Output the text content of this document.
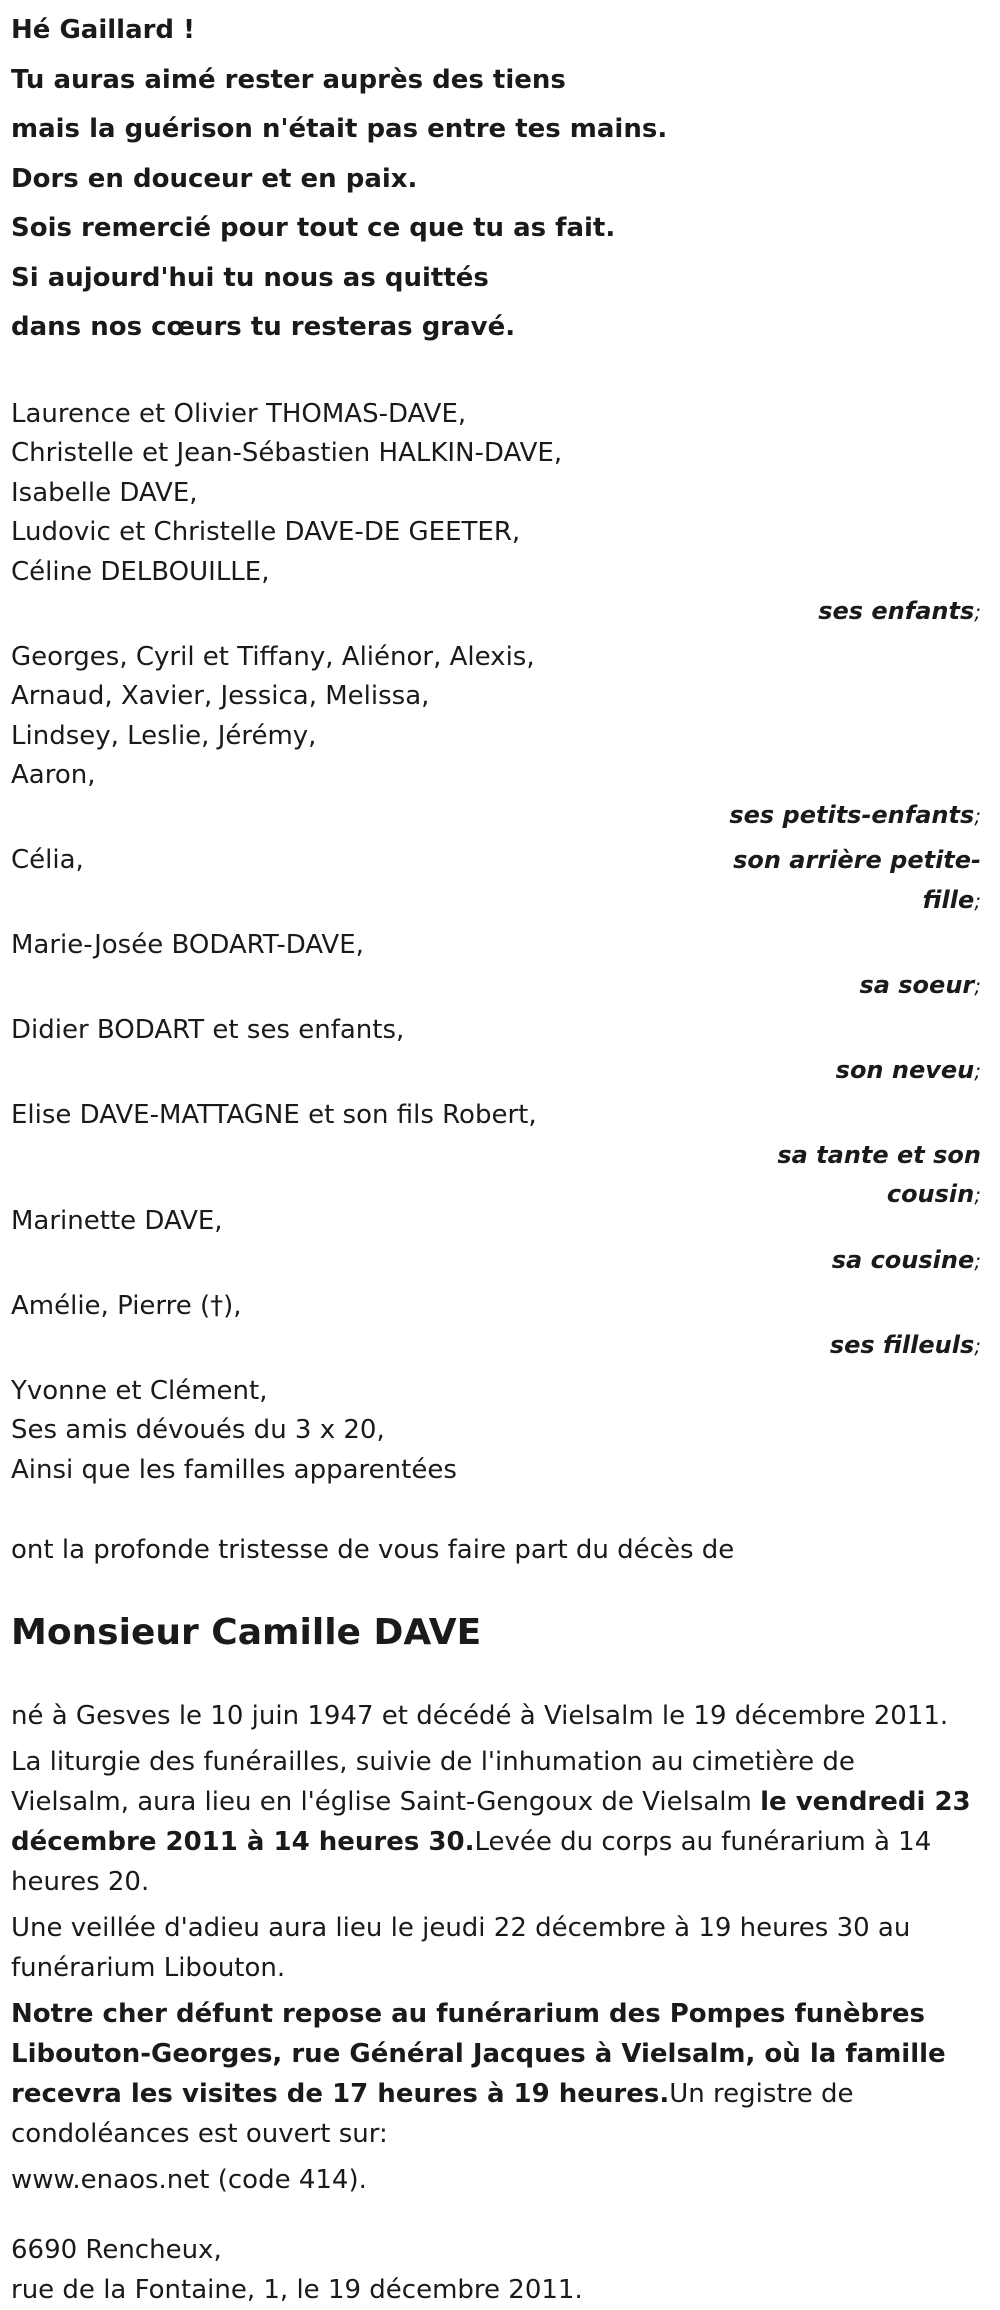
Hé Gaillard !
Tu auras aimé rester auprès des tiens
mais la guérison n'était pas entre tes mains.
Dors en douceur et en paix.
Sois remercié pour tout ce que tu as fait.
Si aujourd'hui tu nous as quittés
dans nos cœurs tu resteras gravé.
Laurence et Olivier THOMAS-DAVE,
Christelle et Jean-Sébastien HALKIN-DAVE,
Isabelle DAVE,
Ludovic et Christelle DAVE-DE GEETER,
Céline DELBOUILLE,
ses enfants;
Georges, Cyril et Tiffany, Aliénor, Alexis,
Arnaud, Xavier, Jessica, Melissa,
Lindsey, Leslie, Jérémy,
Aaron,
ses petits-enfants;
Célia,	son arrière petite-fille;
Marie-Josée BODART-DAVE,
sa soeur;
Didier BODART et ses enfants,
son neveu;
Elise DAVE-MATTAGNE et son fils Robert,
sa tante et son cousin;
Marinette DAVE,
sa cousine;
Amélie, Pierre (†),
ses filleuls;
Yvonne et Clément,
Ses amis dévoués du 3 x 20,
Ainsi que les familles apparentées

ont la profonde tristesse de vous faire part du décès de

Monsieur Camille DAVE

né à Gesves le 10 juin 1947 et décédé à Vielsalm le 19 décembre 2011.

La liturgie des funérailles, suivie de l'inhumation au cimetière de Vielsalm, aura lieu en l'église Saint-Gengoux de Vielsalm le vendredi 23 décembre 2011 à 14 heures 30.Levée du corps au funérarium à 14 heures 20.

Une veillée d'adieu aura lieu le jeudi 22 décembre à 19 heures 30 au funérarium Libouton.

Notre cher défunt repose au funérarium des Pompes funèbres Libouton-Georges, rue Général Jacques à Vielsalm, où la famille recevra les visites de 17 heures à 19 heures.Un registre de condoléances est ouvert sur:

www.enaos.net (code 414).

6690 Rencheux,

rue de la Fontaine, 1, le 19 décembre 2011.
